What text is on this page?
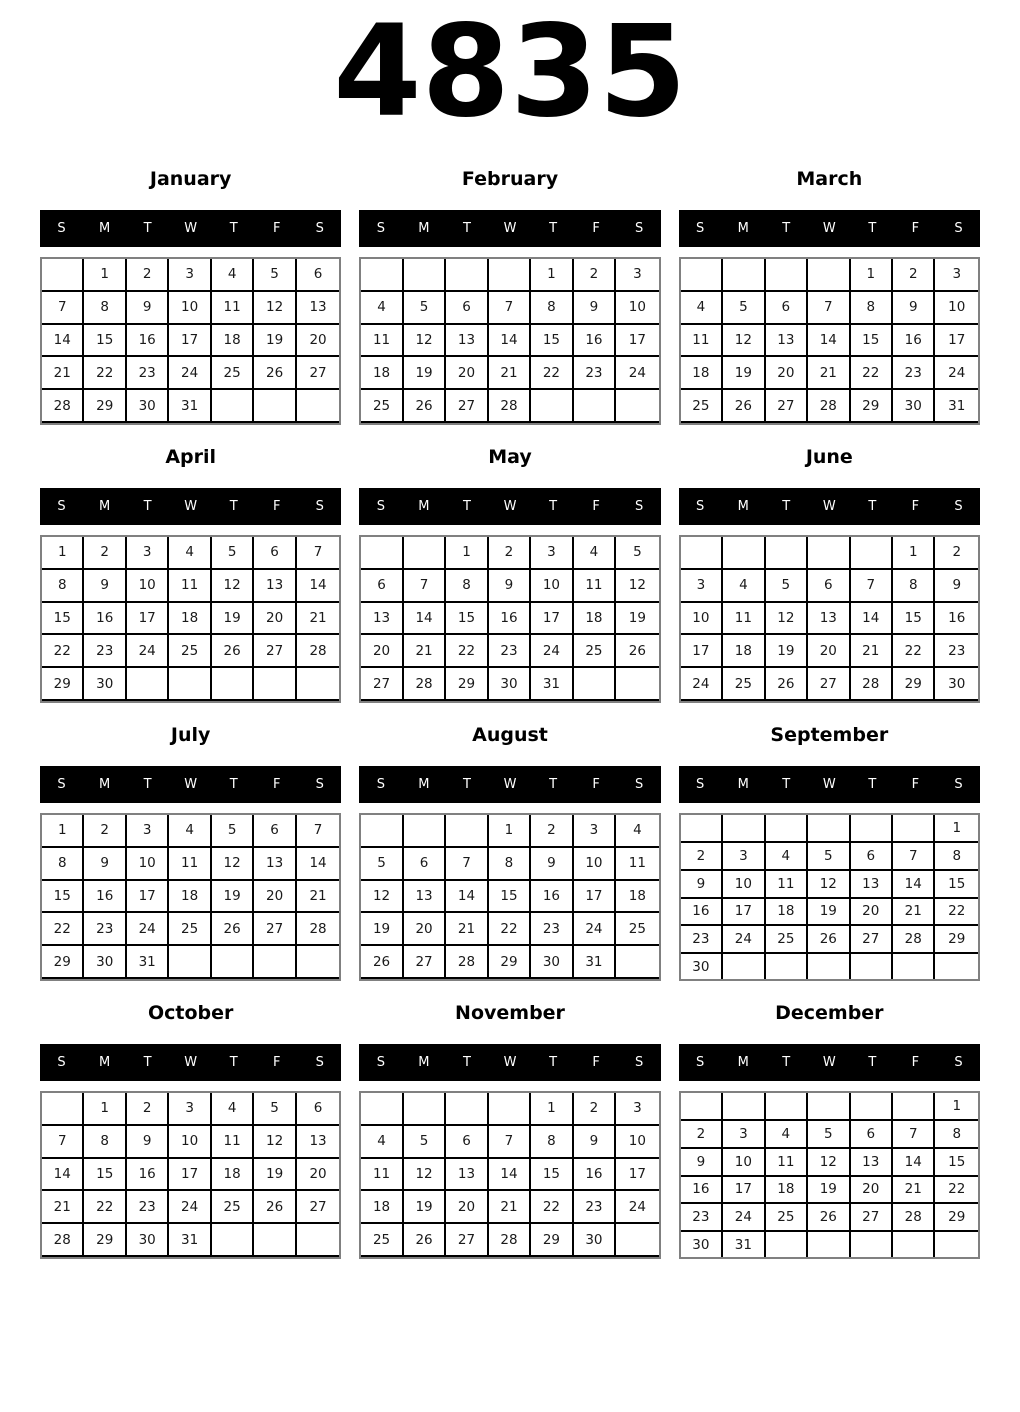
4835
January
S	M	T	W	T	F	S
	1	2	3	4	5	6
7	8	9	10	11	12	13
14	15	16	17	18	19	20
21	22	23	24	25	26	27
28	29	30	31			

February
S	M	T	W	T	F	S
				1	2	3
4	5	6	7	8	9	10
11	12	13	14	15	16	17
18	19	20	21	22	23	24
25	26	27	28			

March
S	M	T	W	T	F	S
				1	2	3
4	5	6	7	8	9	10
11	12	13	14	15	16	17
18	19	20	21	22	23	24
25	26	27	28	29	30	31

April
S	M	T	W	T	F	S
1	2	3	4	5	6	7
8	9	10	11	12	13	14
15	16	17	18	19	20	21
22	23	24	25	26	27	28
29	30					

May
S	M	T	W	T	F	S
		1	2	3	4	5
6	7	8	9	10	11	12
13	14	15	16	17	18	19
20	21	22	23	24	25	26
27	28	29	30	31		

June
S	M	T	W	T	F	S
					1	2
3	4	5	6	7	8	9
10	11	12	13	14	15	16
17	18	19	20	21	22	23
24	25	26	27	28	29	30

July
S	M	T	W	T	F	S
1	2	3	4	5	6	7
8	9	10	11	12	13	14
15	16	17	18	19	20	21
22	23	24	25	26	27	28
29	30	31				

August
S	M	T	W	T	F	S
			1	2	3	4
5	6	7	8	9	10	11
12	13	14	15	16	17	18
19	20	21	22	23	24	25
26	27	28	29	30	31	

September
S	M	T	W	T	F	S
						1
2	3	4	5	6	7	8
9	10	11	12	13	14	15
16	17	18	19	20	21	22
23	24	25	26	27	28	29
30						
October
S	M	T	W	T	F	S
	1	2	3	4	5	6
7	8	9	10	11	12	13
14	15	16	17	18	19	20
21	22	23	24	25	26	27
28	29	30	31			

November
S	M	T	W	T	F	S
				1	2	3
4	5	6	7	8	9	10
11	12	13	14	15	16	17
18	19	20	21	22	23	24
25	26	27	28	29	30	

December
S	M	T	W	T	F	S
						1
2	3	4	5	6	7	8
9	10	11	12	13	14	15
16	17	18	19	20	21	22
23	24	25	26	27	28	29
30	31					
